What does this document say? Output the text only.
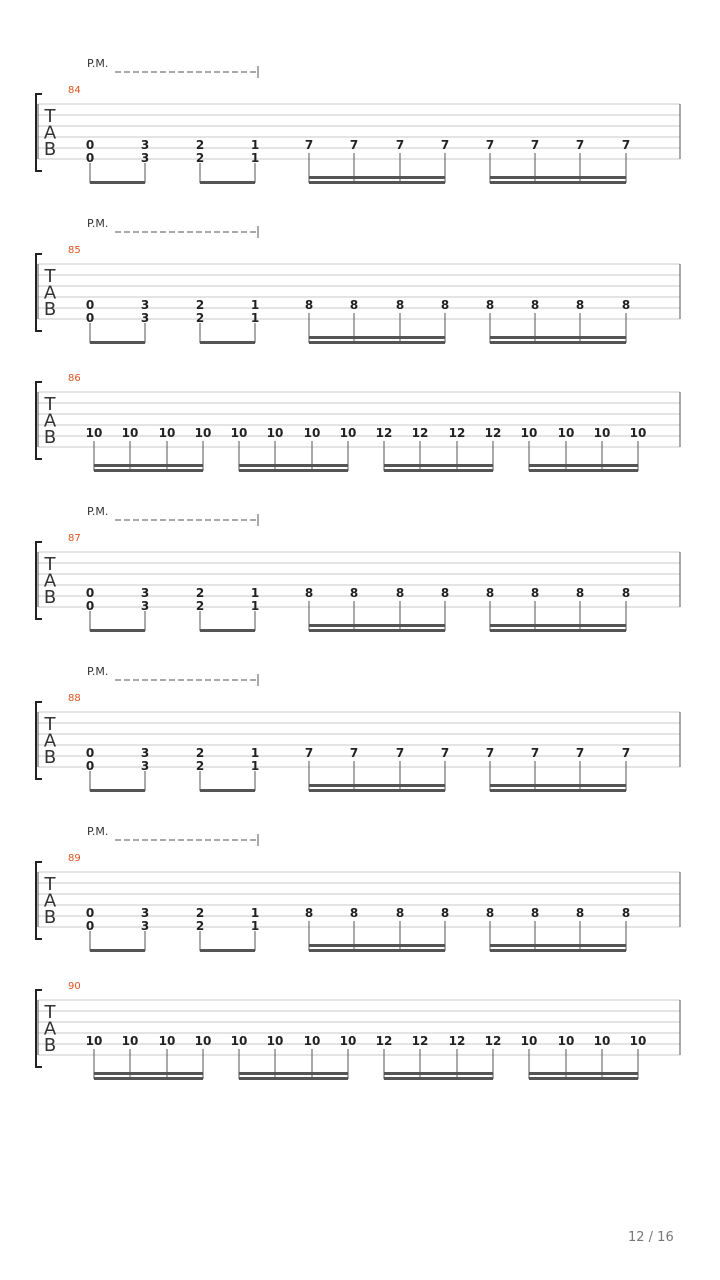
T
A
B
84
P.M.
0
0
3
3
2
2
1
1
7	7	7	7	7	7	7	7
T
A
B
85
P.M.
0
0
3
3
2
2
1
1
8	8	8	8	8	8	8	8
T
A
B
86
10 10 10 10 10 10 10 10 12 12 12 12 10 10 10 10
T
A
B
87
P.M.
0
0
3
3
2
2
1
1
8	8	8	8	8	8	8	8
T
A
B
88
P.M.
0
0
3
3
2
2
1
1
7	7	7	7	7	7	7	7
T
A
B
89
P.M.
0
0
3
3
2
2
1
1
8	8	8	8	8	8	8	8
T
A
B
90
10 10 10 10 10 10 10 10 12 12 12 12 10 10 10 10
12 / 16
